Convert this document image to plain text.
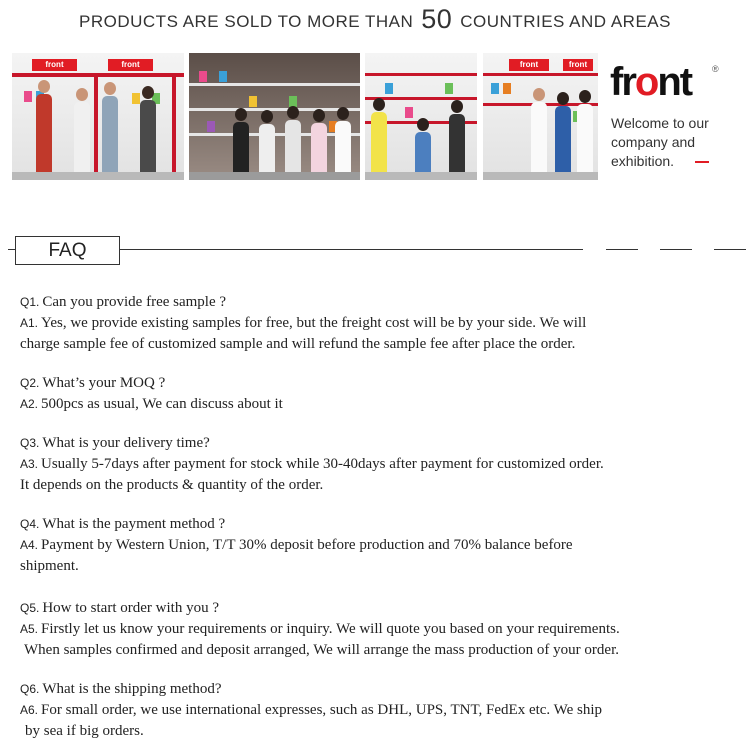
PRODUCTS ARE SOLD TO MORE THAN 50 COUNTRIES AND AREAS
front	front	front	front front ®
Welcome to our company and exhibition.
FAQ

Q1. Can you provide free sample ?

A1. Yes, we provide existing samples for free, but the freight cost will be by your side. We will

charge sample fee of customized sample and will refund the sample fee after place the order.

Q2. What’s your MOQ ?

A2. 500pcs as usual, We can discuss about it

Q3. What is your delivery time?

A3. Usually 5-7days after payment for stock while 30-40days after payment for customized order.

It depends on the products & quantity of the order.

Q4. What is the payment method ?

A4. Payment by Western Union, T/T 30% deposit before production and 70% balance before

shipment.

Q5. How to start order with you ?

A5. Firstly let us know your requirements or inquiry. We will quote you based on your requirements.

When samples confirmed and deposit arranged, We will arrange the mass production of your order.

Q6. What is the shipping method?

A6. For small order, we use international expresses, such as DHL, UPS, TNT, FedEx etc. We ship

by sea if big orders.
